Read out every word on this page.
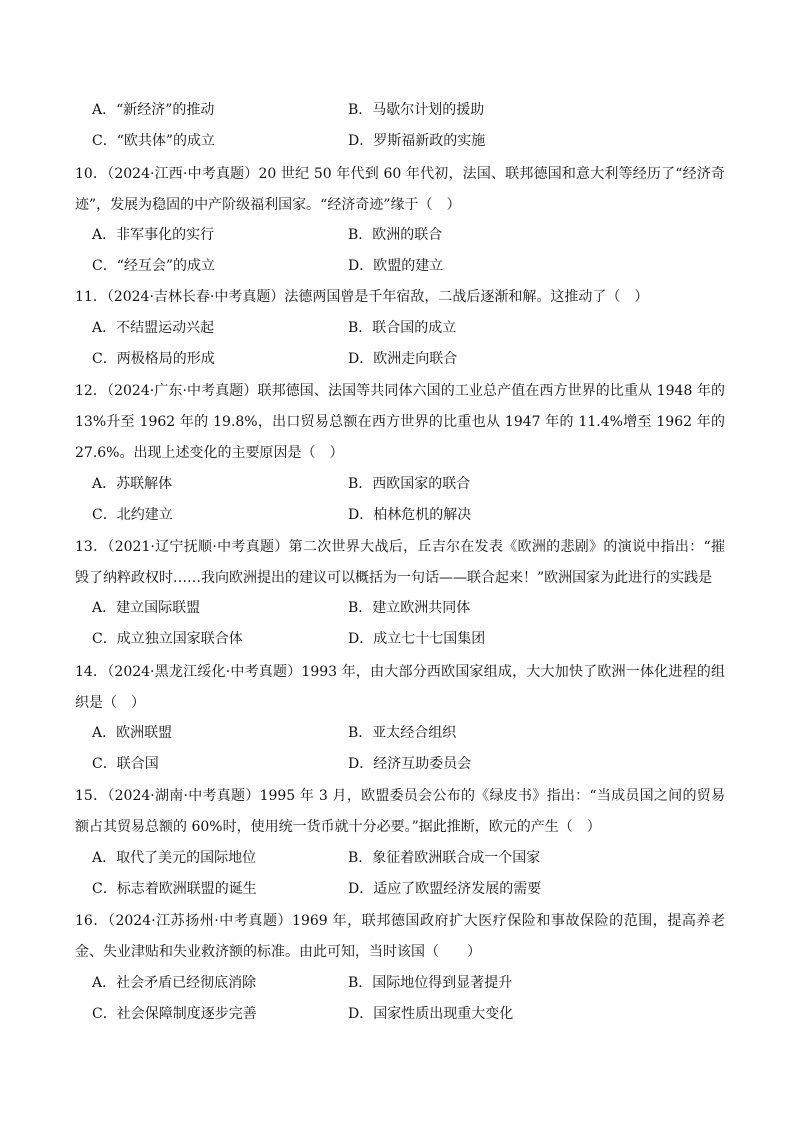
A．“新经济”的推动	B．马歇尔计划的援助
C．“欧共体”的成立	D．罗斯福新政的实施
10．（2024·江西·中考真题）20 世纪 50 年代到 60 年代初，法国、联邦德国和意大利等经历了“经济奇迹”，发展为稳固的中产阶级福利国家。“经济奇迹”缘于（　）
A．非军事化的实行	B．欧洲的联合
C．“经互会”的成立	D．欧盟的建立
11．（2024·吉林长春·中考真题）法德两国曾是千年宿敌，二战后逐渐和解。这推动了（　）
A．不结盟运动兴起	B．联合国的成立
C．两极格局的形成	D．欧洲走向联合
12．（2024·广东·中考真题）联邦德国、法国等共同体六国的工业总产值在西方世界的比重从 1948 年的 13%升至 1962 年的 19.8%，出口贸易总额在西方世界的比重也从 1947 年的 11.4%增至 1962 年的 27.6%。出现上述变化的主要原因是（　）
A．苏联解体	B．西欧国家的联合
C．北约建立	D．柏林危机的解决
13．（2021·辽宁抚顺·中考真题）第二次世界大战后，丘吉尔在发表《欧洲的悲剧》的演说中指出：“摧毁了纳粹政权时……我向欧洲提出的建议可以概括为一句话——联合起来！”欧洲国家为此进行的实践是
A．建立国际联盟	B．建立欧洲共同体
C．成立独立国家联合体	D．成立七十七国集团
14．（2024·黑龙江绥化·中考真题）1993 年，由大部分西欧国家组成，大大加快了欧洲一体化进程的组织是（　）
A．欧洲联盟	B．亚太经合组织
C．联合国	D．经济互助委员会
15．（2024·湖南·中考真题）1995 年 3 月，欧盟委员会公布的《绿皮书》指出：“当成员国之间的贸易额占其贸易总额的 60%时，使用统一货币就十分必要。”据此推断，欧元的产生（　）
A．取代了美元的国际地位	B．象征着欧洲联合成一个国家
C．标志着欧洲联盟的诞生	D．适应了欧盟经济发展的需要
16．（2024·江苏扬州·中考真题）1969 年，联邦德国政府扩大医疗保险和事故保险的范围，提高养老金、失业津贴和失业救济额的标准。由此可知，当时该国（　　）
A．社会矛盾已经彻底消除	B．国际地位得到显著提升
C．社会保障制度逐步完善	D．国家性质出现重大变化
